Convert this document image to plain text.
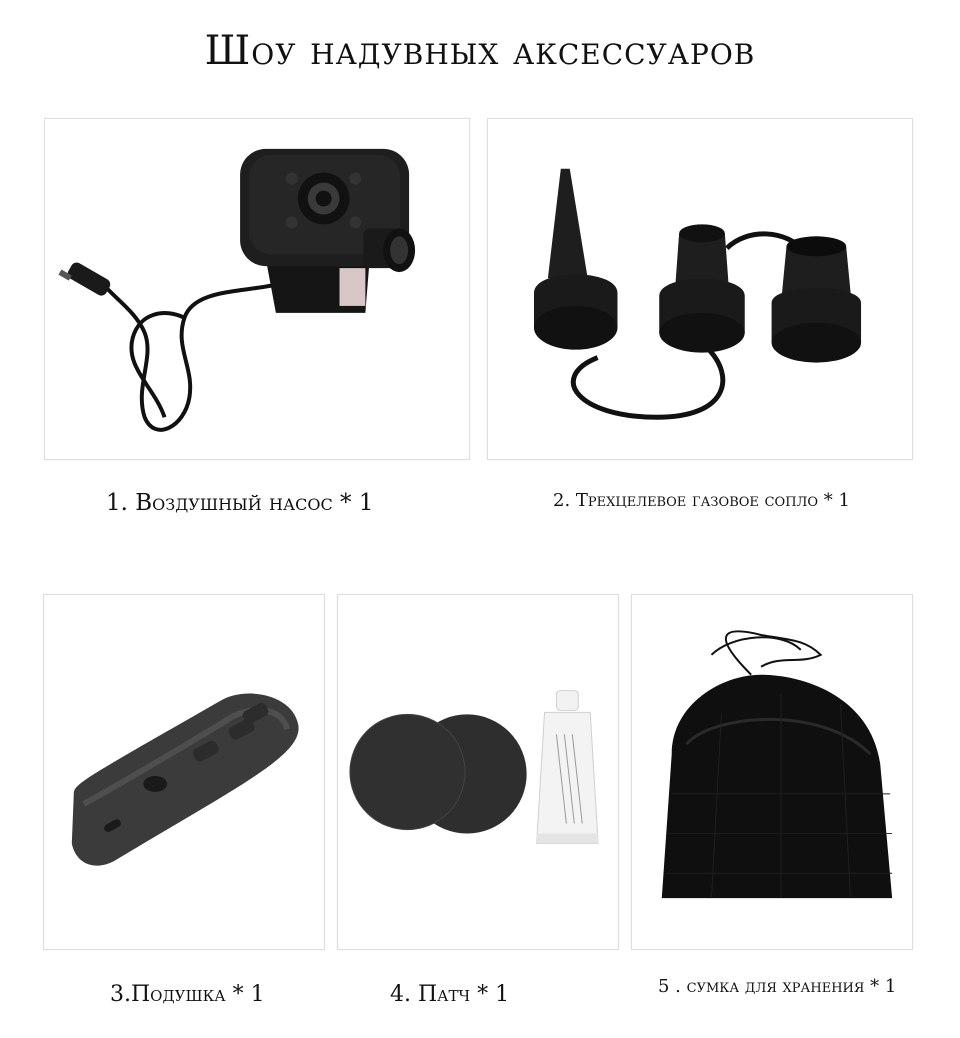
Шоу надувных аксессуаров
1. Воздушный насос * 1	2. Трехцелевое газовое сопло * 1
3.Подушка * 1	4. Патч * 1	5 . сумка для хранения * 1
